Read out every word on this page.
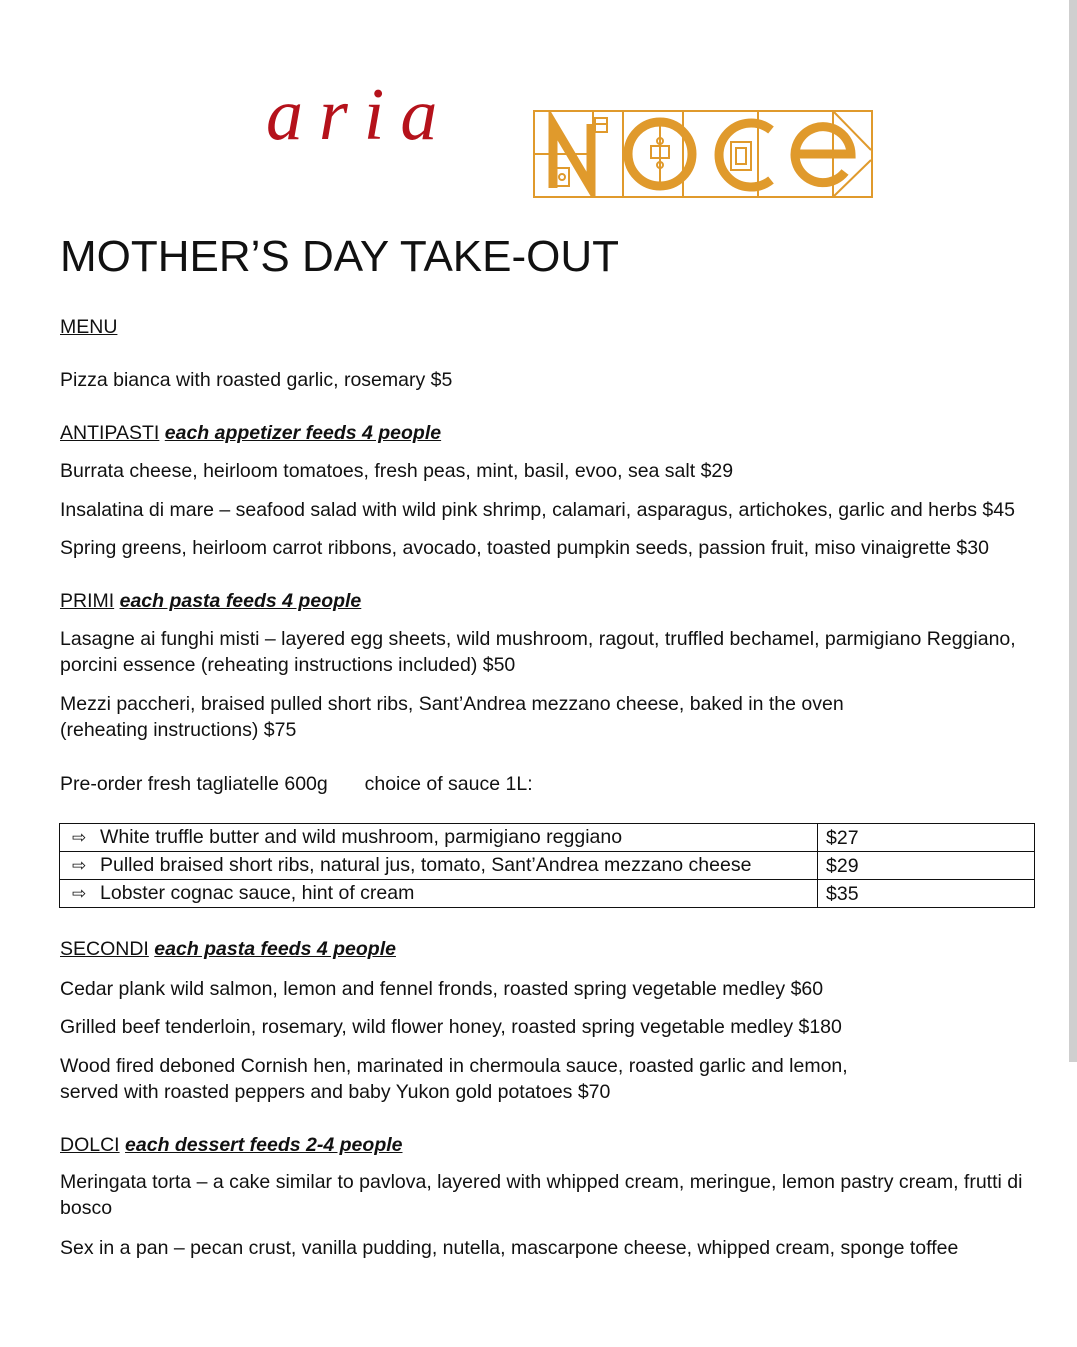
aria
MOTHER’S DAY TAKE-OUT
MENU
Pizza bianca with roasted garlic, rosemary $5
ANTIPASTI each appetizer feeds 4 people
Burrata cheese, heirloom tomatoes, fresh peas, mint, basil, evoo, sea salt $29
Insalatina di mare – seafood salad with wild pink shrimp, calamari, asparagus, artichokes, garlic and herbs $45
Spring greens, heirloom carrot ribbons, avocado, toasted pumpkin seeds, passion fruit, miso vinaigrette $30
PRIMI each pasta feeds 4 people
Lasagne ai funghi misti – layered egg sheets, wild mushroom, ragout, truffled bechamel, parmigiano Reggiano, porcini essence (reheating instructions included) $50
Mezzi paccheri, braised pulled short ribs, Sant’Andrea mezzano cheese, baked in the oven (reheating instructions) $75
Pre-order fresh tagliatelle 600g choice of sauce 1L:
⇨ White truffle butter and wild mushroom, parmigiano reggiano	$27
⇨ Pulled braised short ribs, natural jus, tomato, Sant’Andrea mezzano cheese	$29
⇨ Lobster cognac sauce, hint of cream	$35
SECONDI each pasta feeds 4 people
Cedar plank wild salmon, lemon and fennel fronds, roasted spring vegetable medley $60
Grilled beef tenderloin, rosemary, wild flower honey, roasted spring vegetable medley $180
Wood fired deboned Cornish hen, marinated in chermoula sauce, roasted garlic and lemon, served with roasted peppers and baby Yukon gold potatoes $70
DOLCI each dessert feeds 2-4 people
Meringata torta – a cake similar to pavlova, layered with whipped cream, meringue, lemon pastry cream, frutti di bosco
Sex in a pan – pecan crust, vanilla pudding, nutella, mascarpone cheese, whipped cream, sponge toffee
